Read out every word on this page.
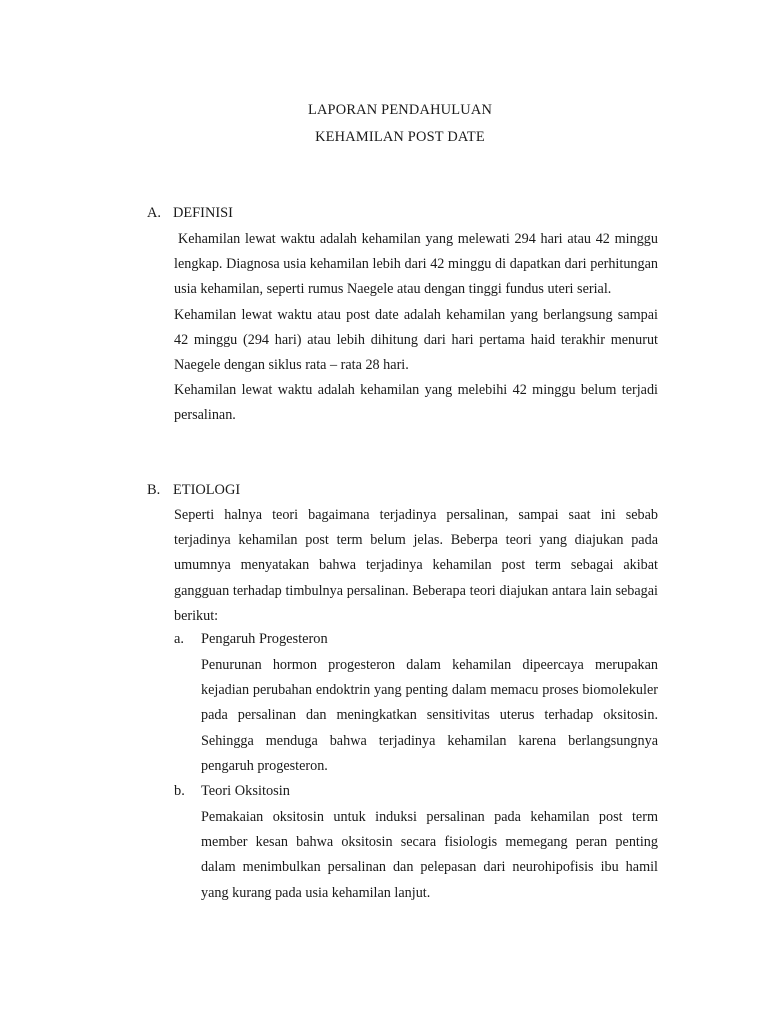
LAPORAN PENDAHULUAN
KEHAMILAN POST DATE
A. DEFINISI

Kehamilan lewat waktu adalah kehamilan yang melewati 294 hari atau 42 minggu lengkap. Diagnosa usia kehamilan lebih dari 42 minggu di dapatkan dari perhitungan usia kehamilan, seperti rumus Naegele atau dengan tinggi fundus uteri serial.

Kehamilan lewat waktu atau post date adalah kehamilan yang berlangsung sampai 42 minggu (294 hari) atau lebih dihitung dari hari pertama haid terakhir menurut Naegele dengan siklus rata – rata 28 hari.

Kehamilan lewat waktu adalah kehamilan yang melebihi 42 minggu belum terjadi persalinan.

B. ETIOLOGI

Seperti halnya teori bagaimana terjadinya persalinan, sampai saat ini sebab terjadinya kehamilan post term belum jelas. Beberpa teori yang diajukan pada umumnya menyatakan bahwa terjadinya kehamilan post term sebagai akibat gangguan terhadap timbulnya persalinan. Beberapa teori diajukan antara lain sebagai berikut:

a. Pengaruh Progesteron

Penurunan hormon progesteron dalam kehamilan dipeercaya merupakan kejadian perubahan endoktrin yang penting dalam memacu proses biomolekuler pada persalinan dan meningkatkan sensitivitas uterus terhadap oksitosin. Sehingga menduga bahwa terjadinya kehamilan karena berlangsungnya pengaruh progesteron.

b. Teori Oksitosin

Pemakaian oksitosin untuk induksi persalinan pada kehamilan post term member kesan bahwa oksitosin secara fisiologis memegang peran penting dalam menimbulkan persalinan dan pelepasan dari neurohipofisis ibu hamil yang kurang pada usia kehamilan lanjut.
